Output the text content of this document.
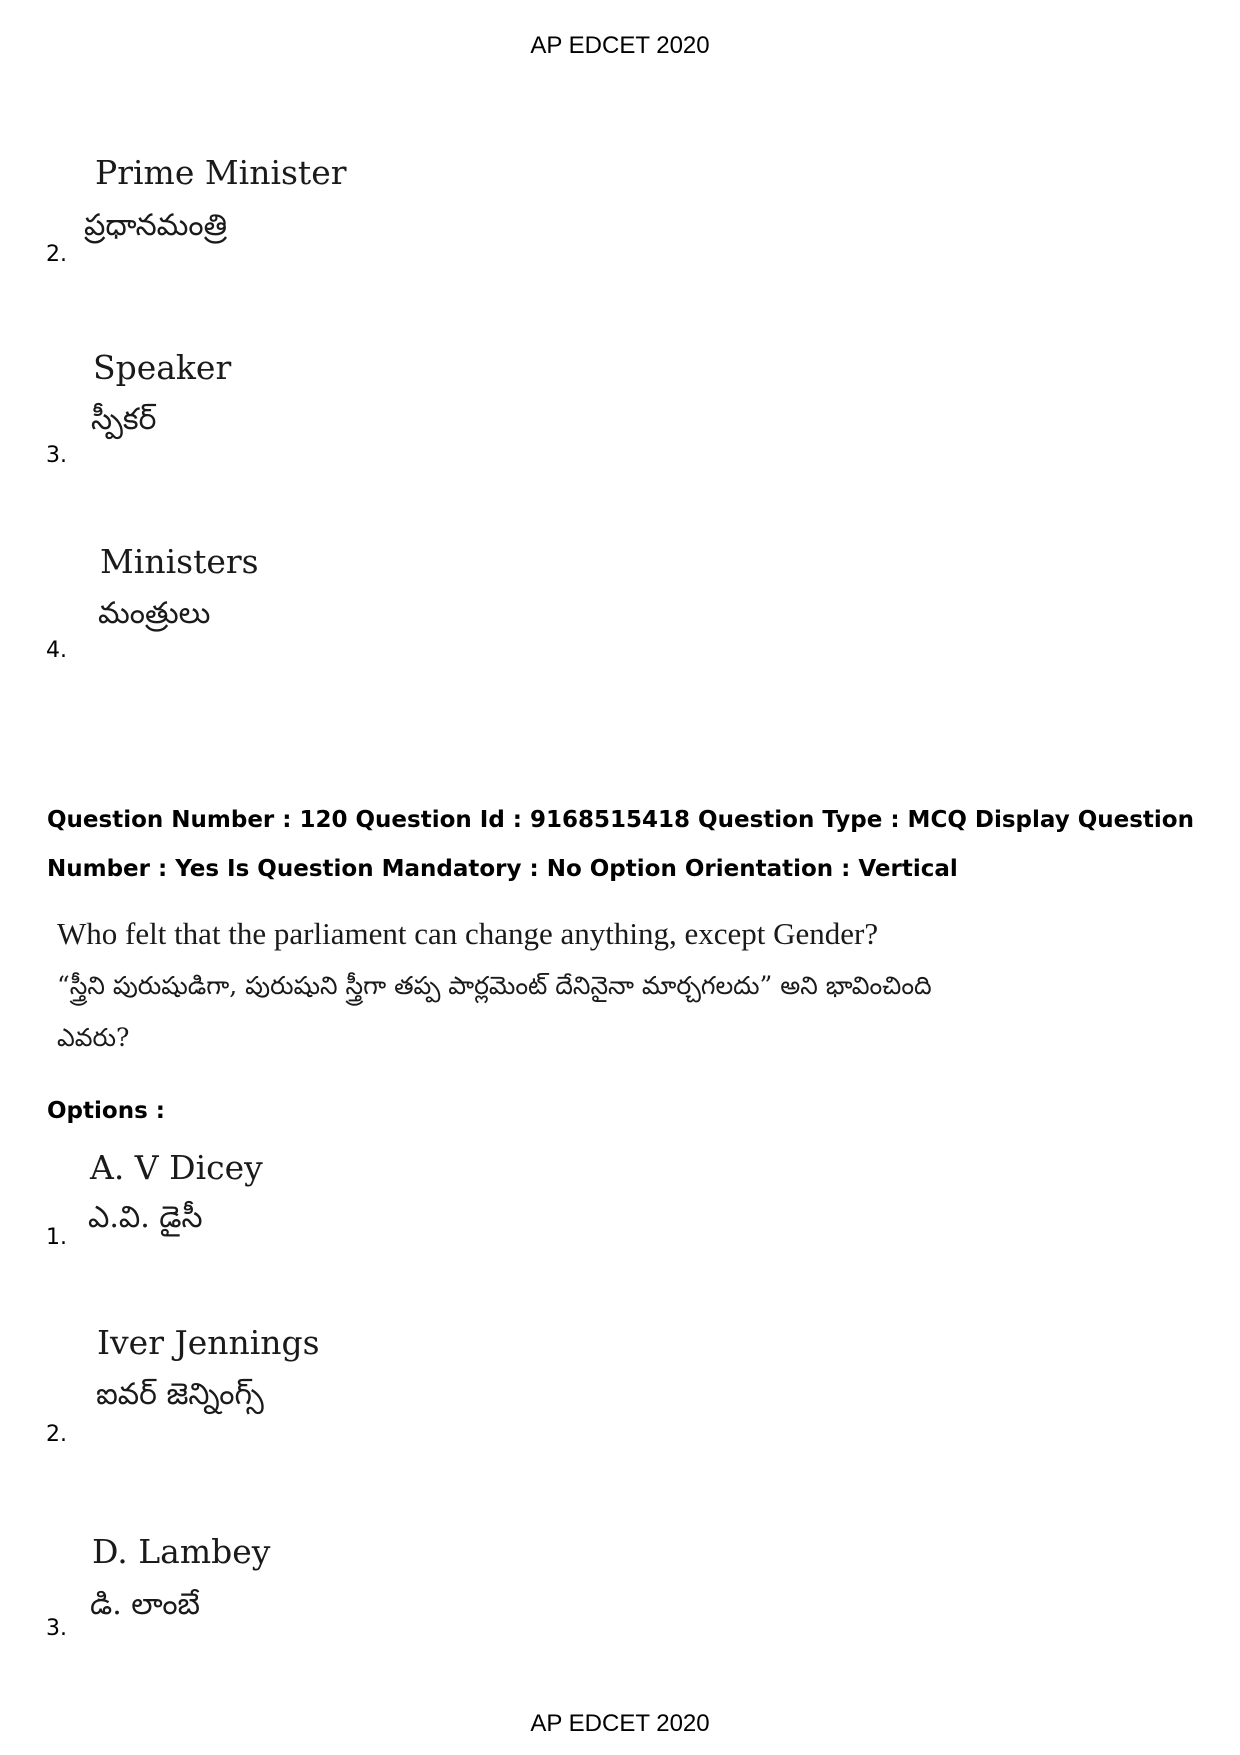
AP EDCET 2020
Prime Minister
ప్రధానమంత్రి
2.
Speaker
స్పీకర్
3.
Ministers
మంత్రులు
4.
Question Number : 120 Question Id : 9168515418 Question Type : MCQ Display Question
Number : Yes Is Question Mandatory : No Option Orientation : Vertical
Who felt that the parliament can change anything, except Gender?
“స్త్రీని పురుషుడిగా, పురుషుని స్త్రీగా తప్ప పార్లమెంట్ దేనినైనా మార్చగలదు” అని భావించింది
ఎవరు?
Options :
A. V Dicey
ఎ.వి. డైసీ
1.
Iver Jennings
ఐవర్ జెన్నింగ్స్
2.
D. Lambey
డి. లాంబే
3.
AP EDCET 2020
